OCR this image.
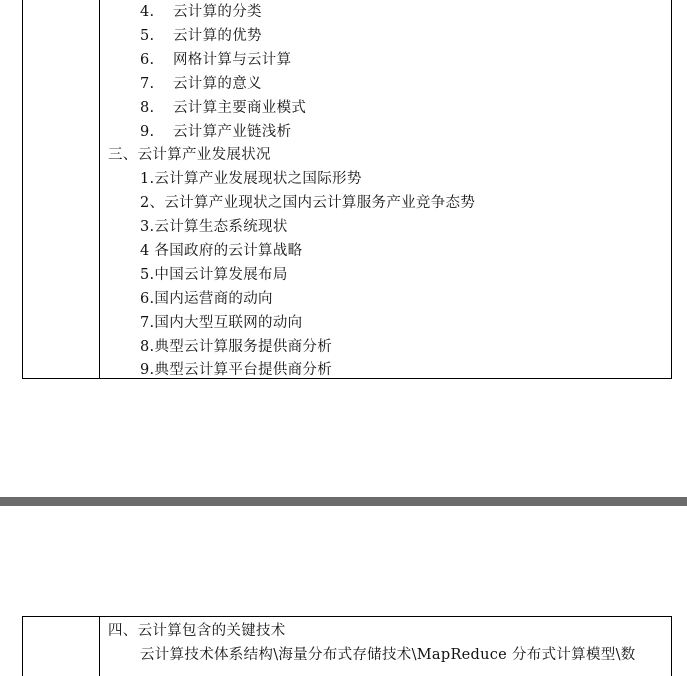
4. 云计算的分类
5. 云计算的优势
6. 网格计算与云计算
7. 云计算的意义
8. 云计算主要商业模式
9. 云计算产业链浅析
三、云计算产业发展状况
1.云计算产业发展现状之国际形势
2、云计算产业现状之国内云计算服务产业竞争态势
3.云计算生态系统现状
4 各国政府的云计算战略
5.中国云计算发展布局
6.国内运营商的动向
7.国内大型互联网的动向
8.典型云计算服务提供商分析
9.典型云计算平台提供商分析
四、云计算包含的关键技术
云计算技术体系结构\海量分布式存储技术\MapReduce 分布式计算模型\数
